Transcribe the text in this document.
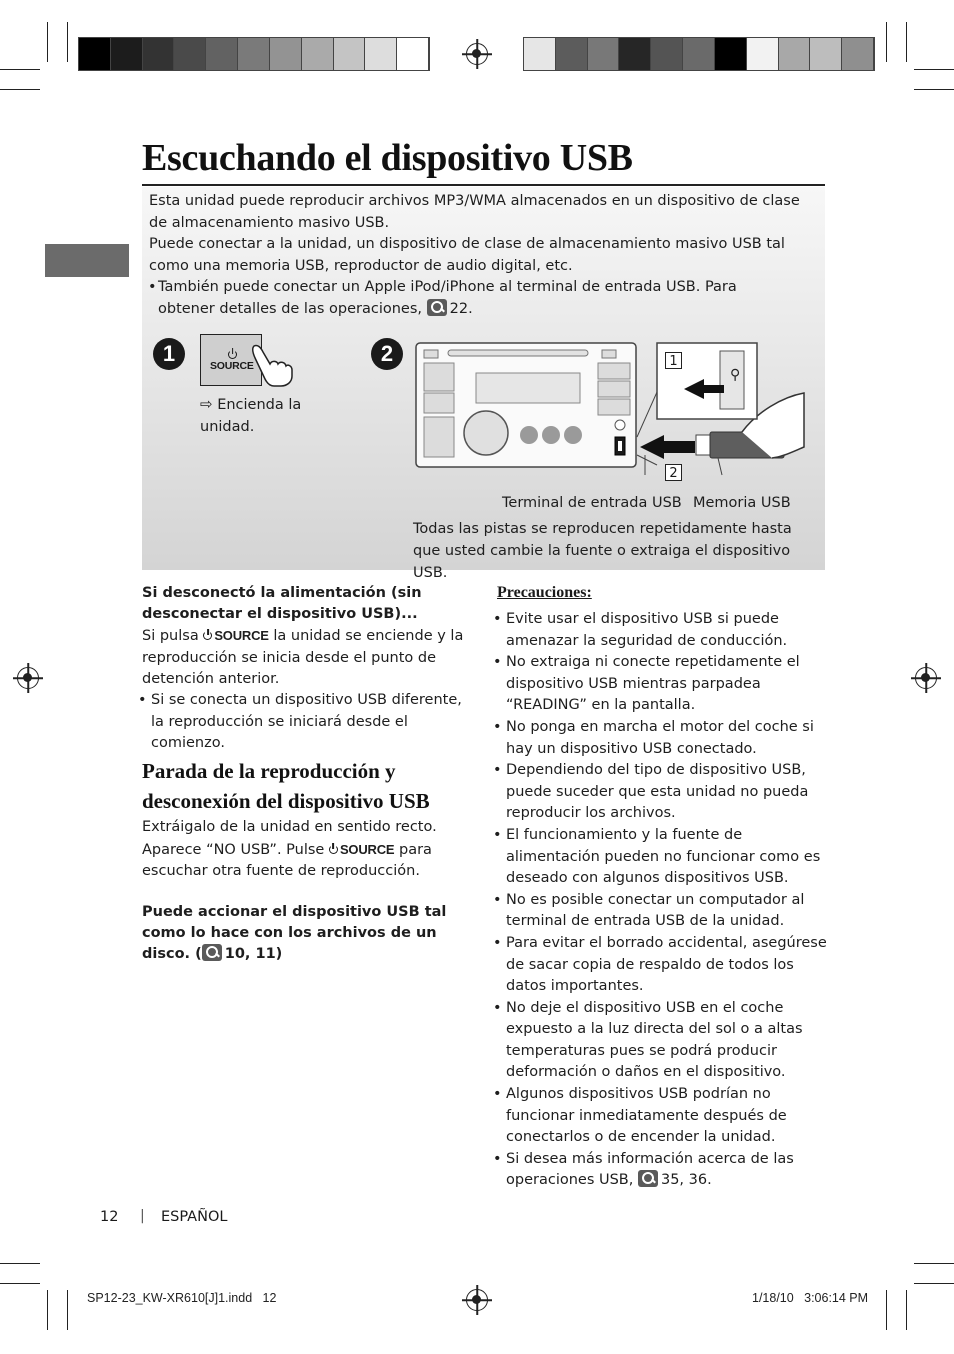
Escuchando el dispositivo USB
Esta unidad puede reproducir archivos MP3/WMA almacenados en un dispositivo de clase de almacenamiento masivo USB.
Puede conectar a la unidad, un dispositivo de clase de almacenamiento masivo USB tal como una memoria USB, reproductor de audio digital, etc.
• También puede conectar un Apple iPod/iPhone al terminal de entrada USB. Para obtener detalles de las operaciones, 22.
1	SOURCE
⇨ Encienda la unidad.
2
⚲
1
2
Terminal de entrada USB Memoria USB
Todas las pistas se reproducen repetidamente hasta que usted cambie la fuente o extraiga el dispositivo USB.
Si desconectó la alimentación (sin desconectar el dispositivo USB)...
Si pulsa SOURCE la unidad se enciende y la reproducción se inicia desde el punto de detención anterior.
• Si se conecta un dispositivo USB diferente, la reproducción se iniciará desde el comienzo.
Parada de la reproducción y desconexión del dispositivo USB
Extráigalo de la unidad en sentido recto. Aparece “NO USB”. Pulse SOURCE para escuchar otra fuente de reproducción.
Puede accionar el dispositivo USB tal como lo hace con los archivos de un disco. ( 10, 11)
Precauciones:
• Evite usar el dispositivo USB si puede amenazar la seguridad de conducción.
• No extraiga ni conecte repetidamente el dispositivo USB mientras parpadea “READING” en la pantalla.
• No ponga en marcha el motor del coche si hay un dispositivo USB conectado.
• Dependiendo del tipo de dispositivo USB, puede suceder que esta unidad no pueda reproducir los archivos.
• El funcionamiento y la fuente de alimentación pueden no funcionar como es deseado con algunos dispositivos USB.
• No es posible conectar un computador al terminal de entrada USB de la unidad.
• Para evitar el borrado accidental, asegúrese de sacar copia de respaldo de todos los datos importantes.
• No deje el dispositivo USB en el coche expuesto a la luz directa del sol o a altas temperaturas pues se podrá producir deformación o daños en el dispositivo.
• Algunos dispositivos USB podrían no funcionar inmediatamente después de conectarlos o de encender la unidad.
• Si desea más información acerca de las operaciones USB, 35, 36.
12 | ESPAÑOL
SP12-23_KW-XR610[J]1.indd   12	1/18/10   3:06:14 PM
